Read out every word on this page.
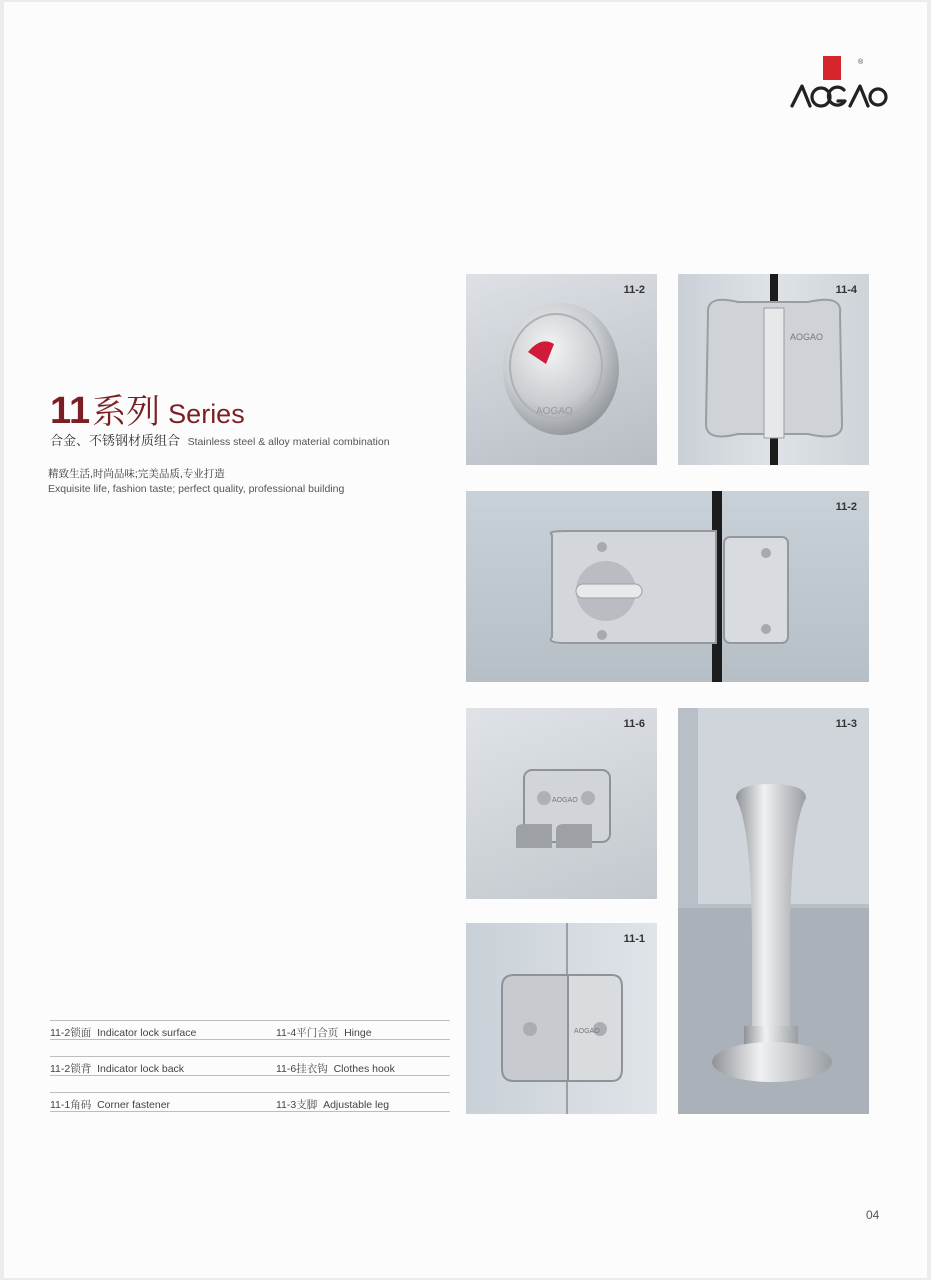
®
11系列 Series
合金、不锈钢材质组合 Stainless steel & alloy material combination
精致生活,时尚品味;完美品质,专业打造
Exquisite life, fashion taste; perfect quality, professional building
AOGAO
11-2
AOGAO
11-4
11-2
AOGAO
11-6	11-3
AOGAO
11-1
11-2锁面 Indicator lock surface	11-4平门合页 Hinge
11-2锁背 Indicator lock back	11-6挂衣钩 Clothes hook
11-1角码 Corner fastener	11-3支脚 Adjustable leg
04
